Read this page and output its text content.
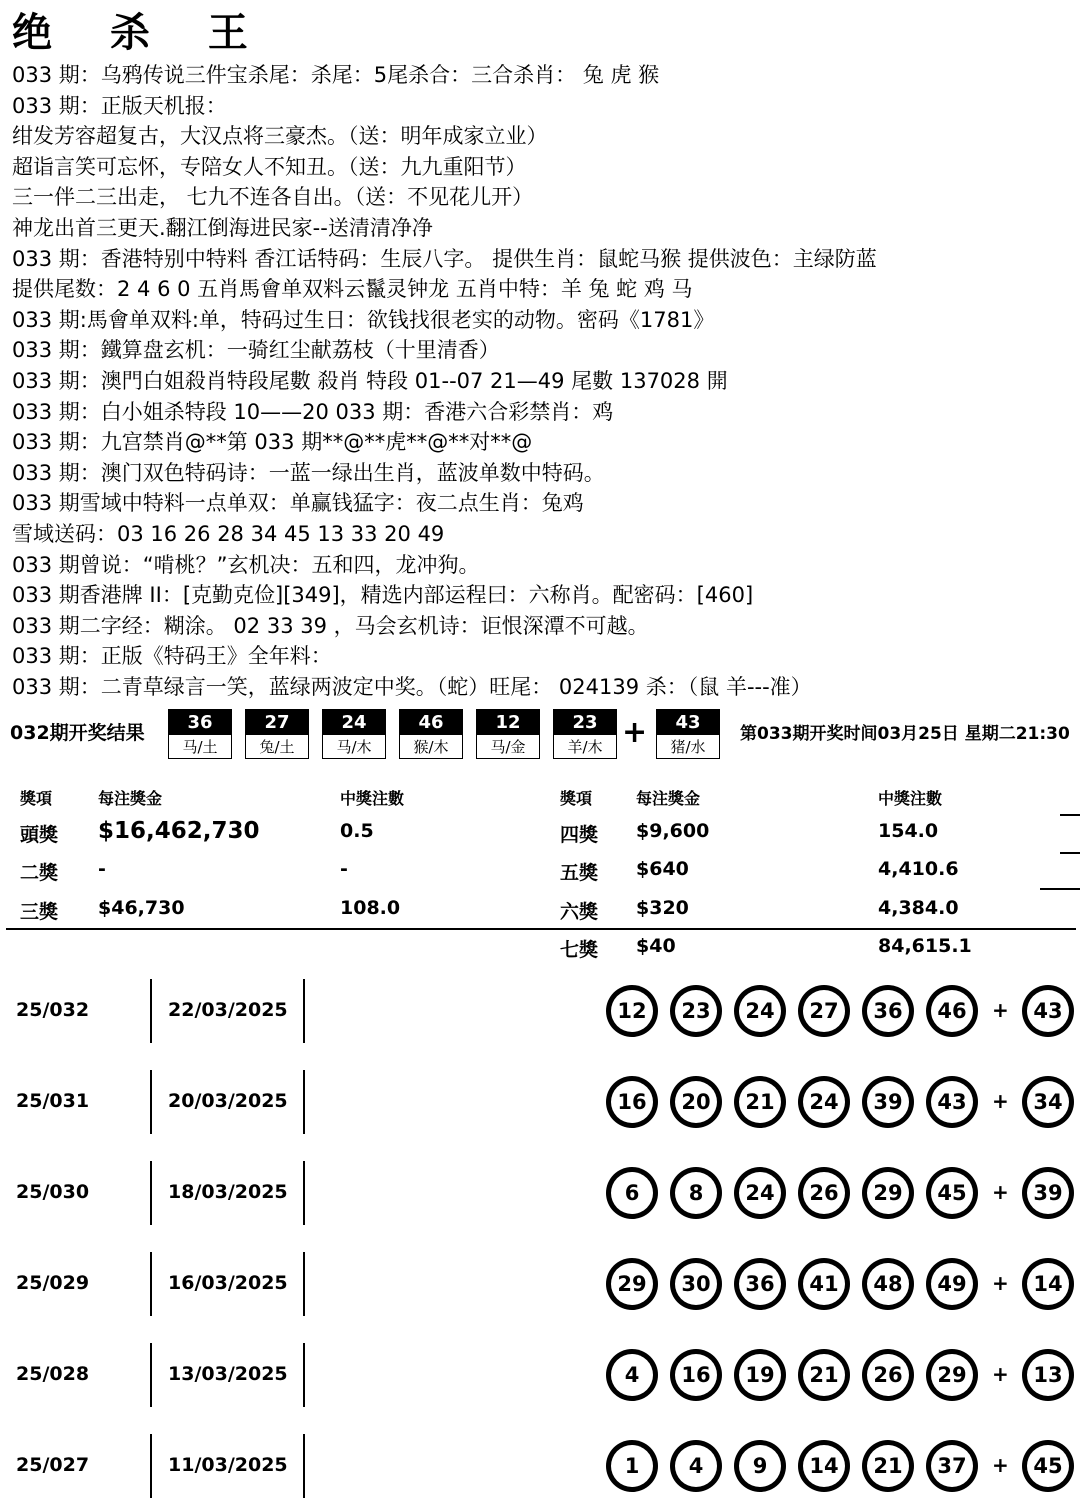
绝 杀 王
033 期：乌鸦传说三件宝杀尾：杀尾：5尾杀合：三合杀肖： 兔 虎 猴
033 期：正版天机报：
绀发芳容超复古，大汉点将三豪杰。（送：明年成家立业）
超诣言笑可忘怀，专陪女人不知丑。（送：九九重阳节）
三一伴二三出走， 七九不连各自出。（送：不见花儿开）
神龙出首三更天.翻江倒海进民家--送清清净净
033 期：香港特别中特料 香江话特码：生辰八字。 提供生肖：鼠蛇马猴 提供波色：主绿防蓝
提供尾数：2 4 6 0 五肖馬會单双料云鬣灵钟龙 五肖中特：羊 兔 蛇 鸡 马
033 期:馬會单双料:单，特码过生日：欲钱找很老实的动物。密码《1781》
033 期：鐵算盘玄机：一骑红尘献荔枝（十里清香）
033 期：澳門白姐殺肖特段尾數 殺肖 特段 01--07 21—49 尾數 137028 開
033 期：白小姐杀特段 10——20 033 期：香港六合彩禁肖：鸡
033 期：九宫禁肖@**第 033 期**@**虎**@**对**@
033 期：澳门双色特码诗：一蓝一绿出生肖，蓝波单数中特码。
033 期雪域中特料一点单双：单赢钱猛字：夜二点生肖：兔鸡
雪域送码：03 16 26 28 34 45 13 33 20 49
033 期曾说：“啃桃？”玄机决：五和四，龙冲狗。
033 期香港牌 II：[克勤克俭][349]，精选内部运程曰：六称肖。配密码：[460]
033 期二字经：糊涂。 02 33 39 ，马会玄机诗：讵恨深潭不可越。
033 期：正版《特码王》全年料：
033 期：二青草绿言一笑，蓝绿两波定中奖。（蛇）旺尾： 024139 杀：（鼠 羊---准）
032期开奖结果	+	第033期开奖时间03月25日 星期二21:30
36
马/土
27
兔/土
24
马/木
46
猴/木
12
马/金
23
羊/木
43
猪/水
獎項	每注獎金	中獎注數	獎項	每注獎金	中獎注數
頭獎 $16,462,730	0.5
二獎 -	-
三獎 $46,730	108.0
四獎 $9,600	154.0
五獎 $640	4,410.6
六獎 $320	4,384.0
七獎 $40	84,615.1
25/032	22/03/2025	12	23	24	27	36	46	+	43
25/031	20/03/2025	16	20	21	24	39	43	+	34
25/030	18/03/2025	6	8	24	26	29	45	+	39
25/029	16/03/2025	29	30	36	41	48	49	+	14
25/028	13/03/2025	4	16	19	21	26	29	+	13
25/027	11/03/2025	1	4	9	14	21	37	+	45
